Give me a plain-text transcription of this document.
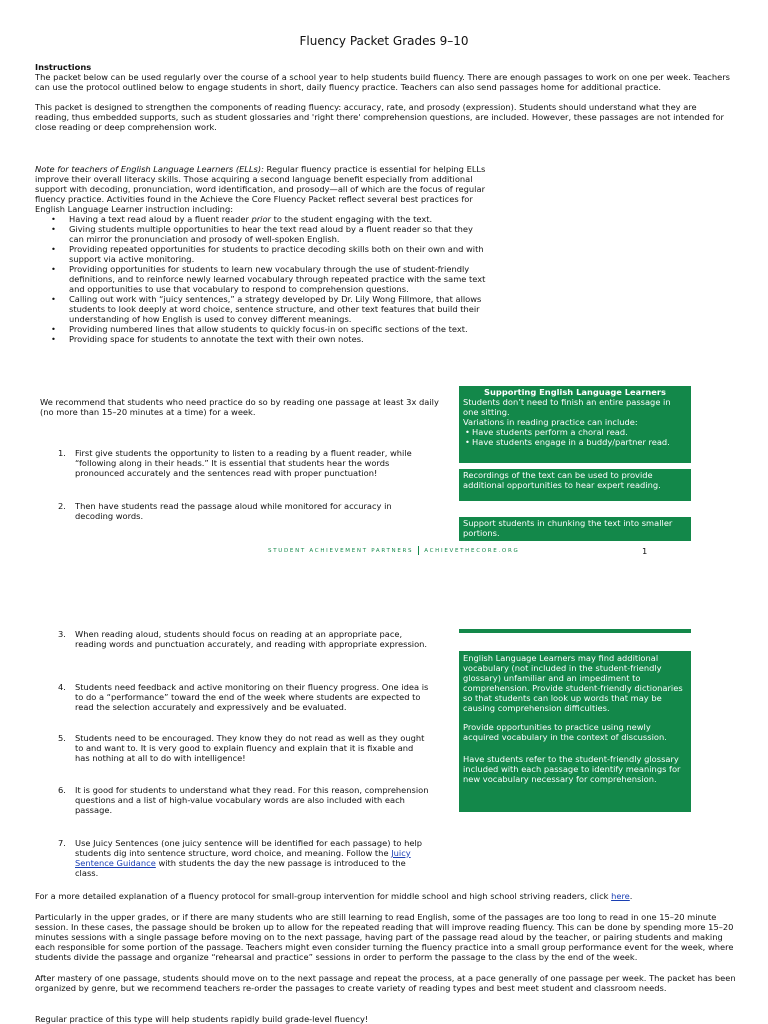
Fluency Packet Grades 9–10

Instructions

The packet below can be used regularly over the course of a school year to help students build fluency. There are enough passages to work on one per week. Teachers can use the protocol outlined below to engage students in short, daily fluency practice. Teachers can also send passages home for additional practice.

This packet is designed to strengthen the components of reading fluency: accuracy, rate, and prosody (expression). Students should understand what they are reading, thus embedded supports, such as student glossaries and 'right there' comprehension questions, are included. However, these passages are not intended for close reading or deep comprehension work.

Note for teachers of English Language Learners (ELLs): Regular fluency practice is essential for helping ELLs improve their overall literacy skills. Those acquiring a second language benefit especially from additional support with decoding, pronunciation, word identification, and prosody—all of which are the focus of regular fluency practice. Activities found in the Achieve the Core Fluency Packet reflect several best practices for English Language Learner instruction including:

• Having a text read aloud by a fluent reader prior to the student engaging with the text.
• Giving students multiple opportunities to hear the text read aloud by a fluent reader so that they can mirror the pronunciation and prosody of well-spoken English.
• Providing repeated opportunities for students to practice decoding skills both on their own and with support via active monitoring.
• Providing opportunities for students to learn new vocabulary through the use of student-friendly definitions, and to reinforce newly learned vocabulary through repeated practice with the same text and opportunities to use that vocabulary to respond to comprehension questions.
• Calling out work with “juicy sentences,” a strategy developed by Dr. Lily Wong Fillmore, that allows students to look deeply at word choice, sentence structure, and other text features that build their understanding of how English is used to convey different meanings.
• Providing numbered lines that allow students to quickly focus-in on specific sections of the text.
• Providing space for students to annotate the text with their own notes.

We recommend that students who need practice do so by reading one passage at least 3x daily (no more than 15–20 minutes at a time) for a week.

1. First give students the opportunity to listen to a reading by a fluent reader, while “following along in their heads.” It is essential that students hear the words pronounced accurately and the sentences read with proper punctuation!

2. Then have students read the passage aloud while monitored for accuracy in decoding words.

Supporting English Language Learners

Students don’t need to finish an entire passage in one sitting.

Variations in reading practice can include:

• Have students perform a choral read.
• Have students engage in a buddy/partner read.

Recordings of the text can be used to provide additional opportunities to hear expert reading.

Support students in chunking the text into smaller portions.

STUDENT ACHIEVEMENT PARTNERS ACHIEVETHECORE.ORG	1
3. When reading aloud, students should focus on reading at an appropriate pace, reading words and punctuation accurately, and reading with appropriate expression.

4. Students need feedback and active monitoring on their fluency progress. One idea is to do a “performance” toward the end of the week where students are expected to read the selection accurately and expressively and be evaluated.

5. Students need to be encouraged. They know they do not read as well as they ought to and want to. It is very good to explain fluency and explain that it is fixable and has nothing at all to do with intelligence!

6. It is good for students to understand what they read. For this reason, comprehension questions and a list of high-value vocabulary words are also included with each passage.

7. Use Juicy Sentences (one juicy sentence will be identified for each passage) to help students dig into sentence structure, word choice, and meaning. Follow the Juicy Sentence Guidance with students the day the new passage is introduced to the class.

English Language Learners may find additional vocabulary (not included in the student-friendly glossary) unfamiliar and an impediment to comprehension. Provide student-friendly dictionaries so that students can look up words that may be causing comprehension difficulties.

Provide opportunities to practice using newly acquired vocabulary in the context of discussion.

Have students refer to the student-friendly glossary included with each passage to identify meanings for new vocabulary necessary for comprehension.

For a more detailed explanation of a fluency protocol for small-group intervention for middle school and high school striving readers, click here.

Particularly in the upper grades, or if there are many students who are still learning to read English, some of the passages are too long to read in one 15–20 minute session. In these cases, the passage should be broken up to allow for the repeated reading that will improve reading fluency. This can be done by spending more 15–20 minutes sessions with a single passage before moving on to the next passage, having part of the passage read aloud by the teacher, or pairing students and making each responsible for some portion of the passage. Teachers might even consider turning the fluency practice into a small group performance event for the week, where students divide the passage and organize “rehearsal and practice” sessions in order to perform the passage to the class by the end of the week.

After mastery of one passage, students should move on to the next passage and repeat the process, at a pace generally of one passage per week. The packet has been organized by genre, but we recommend teachers re-order the passages to create variety of reading types and best meet student and classroom needs.

Regular practice of this type will help students rapidly build grade-level fluency!
